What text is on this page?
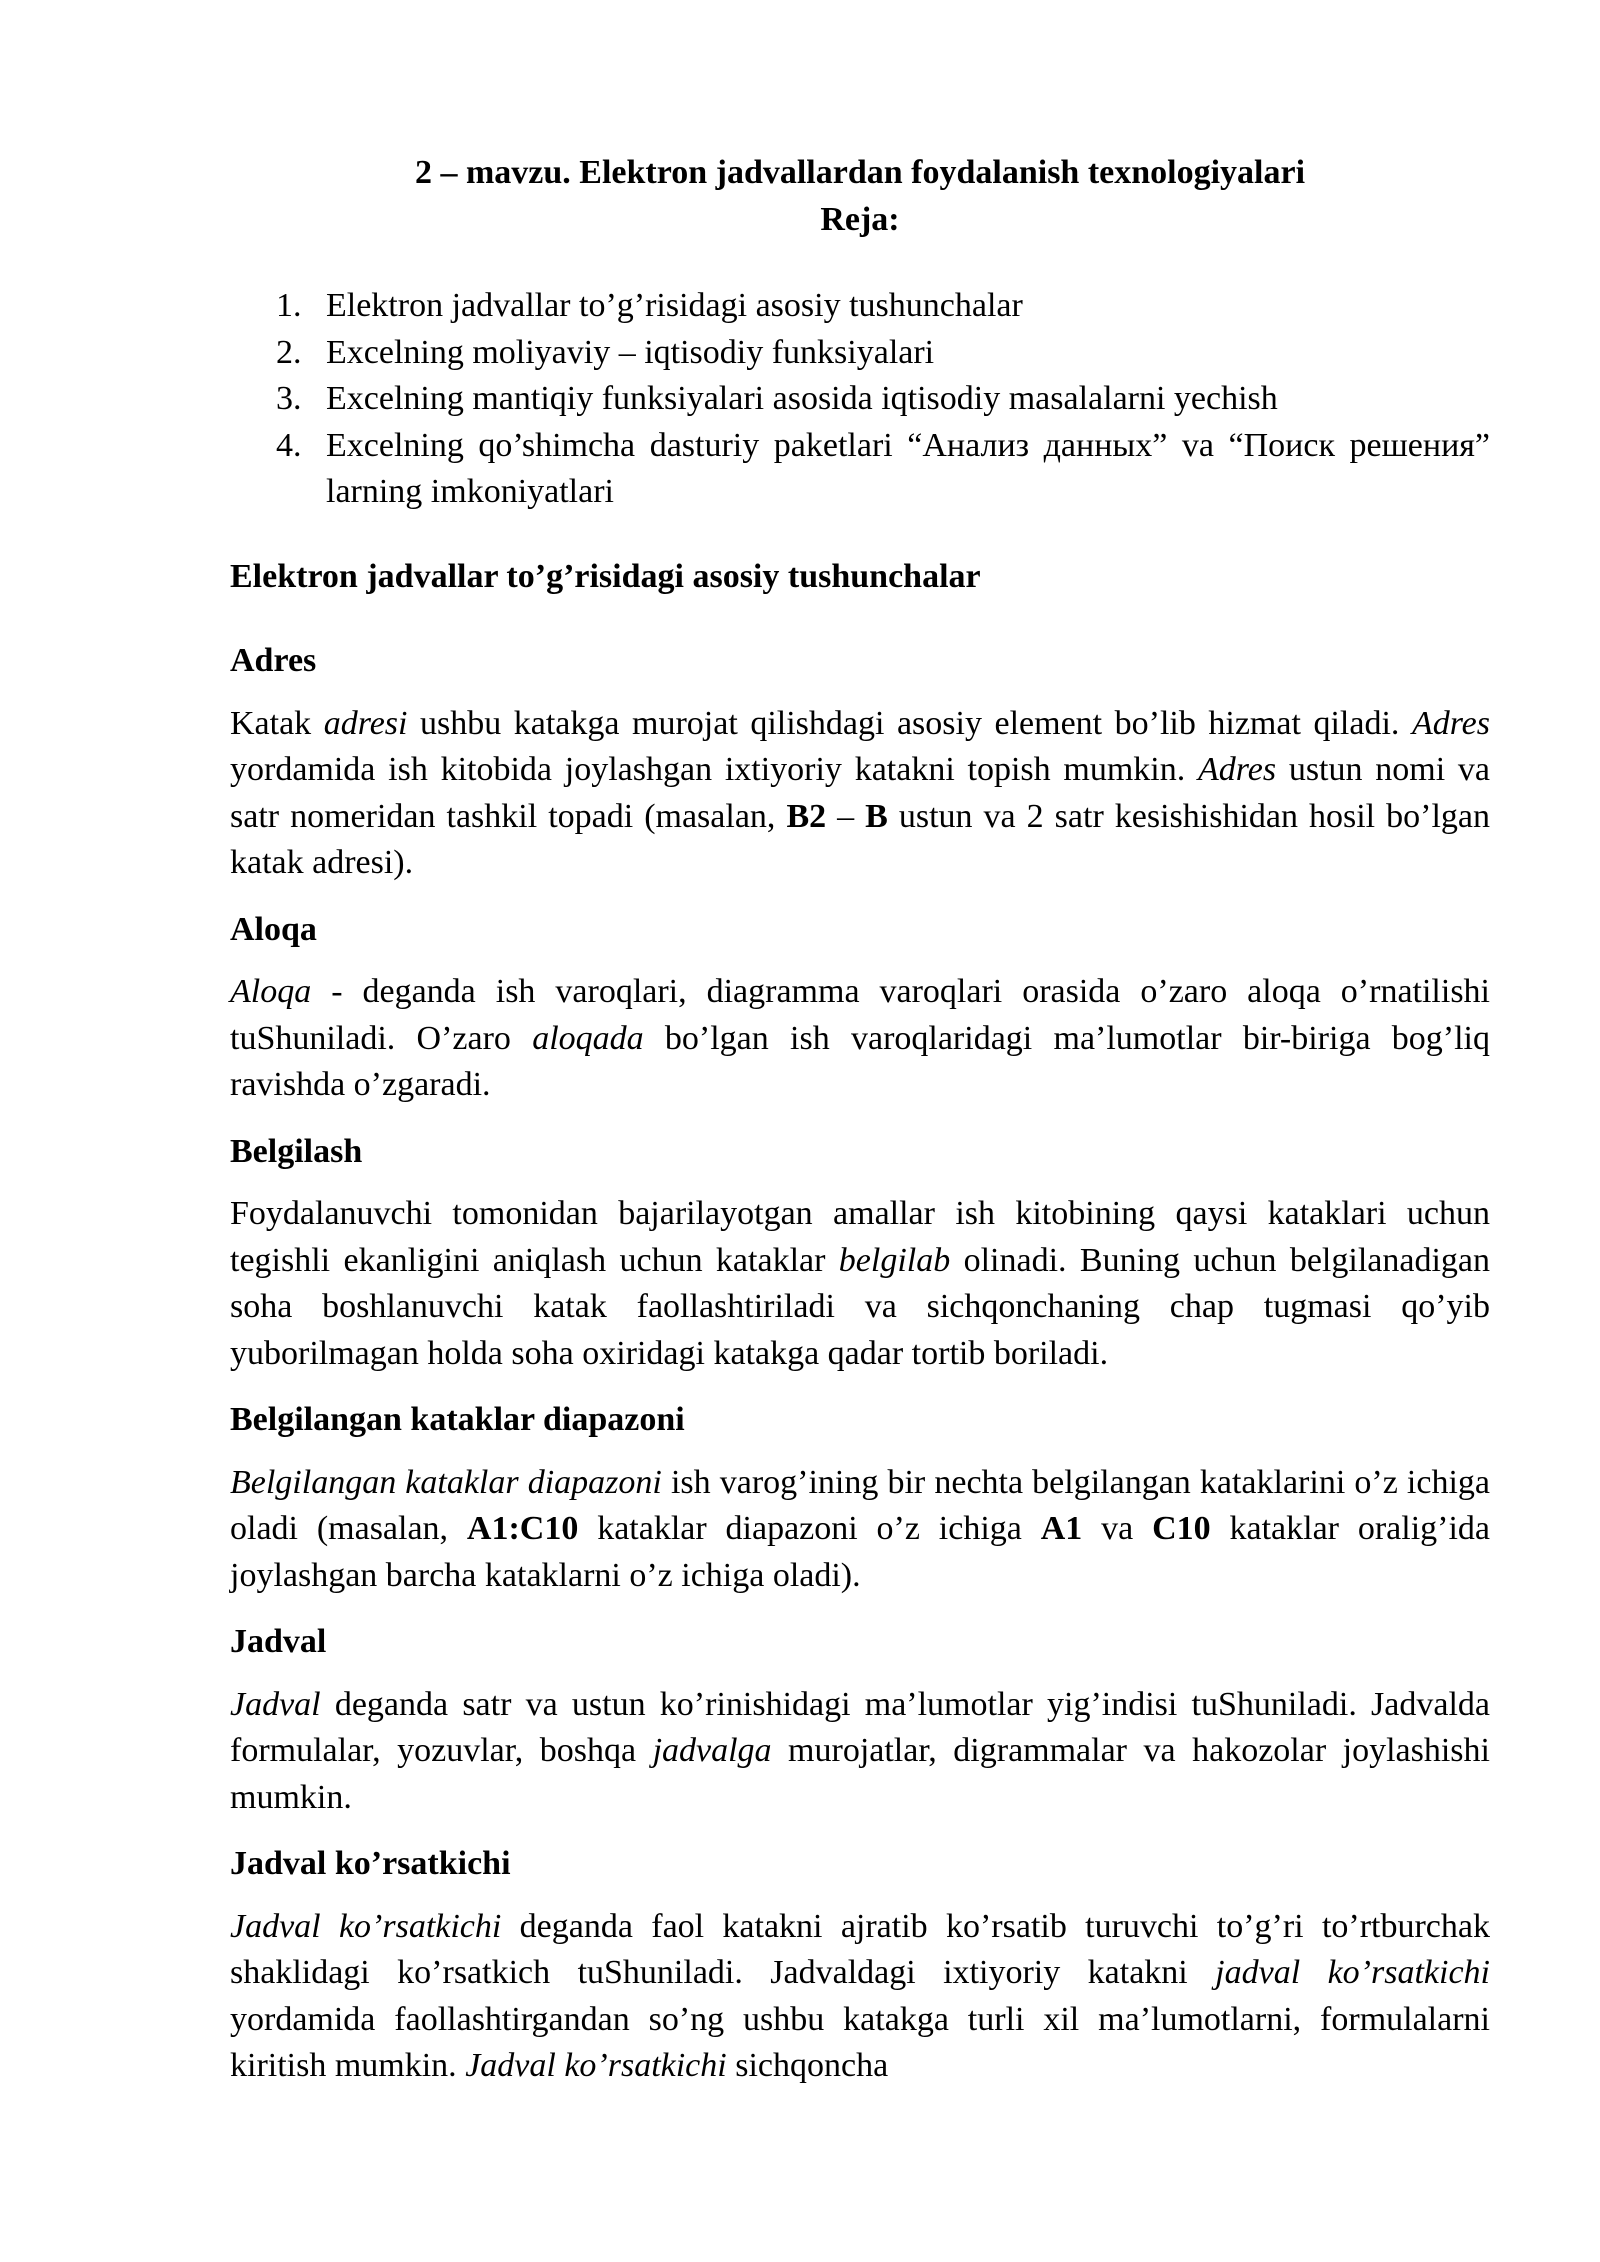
2 – mavzu. Elektron jadvallardan foydalanish texnologiyalari
Reja:

1. Elektron jadvallar to’g’risidagi asosiy tushunchalar
2. Excelning moliyaviy – iqtisodiy funksiyalari
3. Excelning mantiqiy funksiyalari asosida iqtisodiy masalalarni yechish
4. Excelning qo’shimcha dasturiy paketlari “Анализ данных” va “Поиск решения” larning imkoniyatlari

Elektron jadvallar to’g’risidagi asosiy tushunchalar

Adres

Katak adresi ushbu katakga murojat qilishdagi asosiy element bo’lib hizmat qiladi. Adres yordamida ish kitobida joylashgan ixtiyoriy katakni topish mumkin. Adres ustun nomi va satr nomeridan tashkil topadi (masalan, B2 – B ustun va 2 satr kesishishidan hosil bo’lgan katak adresi).

Aloqa

Aloqa - deganda ish varoqlari, diagramma varoqlari orasida o’zaro aloqa o’rnatilishi tuShuniladi. O’zaro aloqada bo’lgan ish varoqlaridagi ma’lumotlar bir-biriga bog’liq ravishda o’zgaradi.

Belgilash

Foydalanuvchi tomonidan bajarilayotgan amallar ish kitobining qaysi kataklari uchun tegishli ekanligini aniqlash uchun kataklar belgilab olinadi. Buning uchun belgilanadigan soha boshlanuvchi katak faollashtiriladi va sichqonchaning chap tugmasi qo’yib yuborilmagan holda soha oxiridagi katakga qadar tortib boriladi.

Belgilangan kataklar diapazoni

Belgilangan kataklar diapazoni ish varog’ining bir nechta belgilangan kataklarini o’z ichiga oladi (masalan, A1:C10 kataklar diapazoni o’z ichiga A1 va C10 kataklar oralig’ida joylashgan barcha kataklarni o’z ichiga oladi).

Jadval

Jadval deganda satr va ustun ko’rinishidagi ma’lumotlar yig’indisi tuShuniladi. Jadvalda formulalar, yozuvlar, boshqa jadvalga murojatlar, digrammalar va hakozolar joylashishi mumkin.

Jadval ko’rsatkichi

Jadval ko’rsatkichi deganda faol katakni ajratib ko’rsatib turuvchi to’g’ri to’rtburchak shaklidagi ko’rsatkich tuShuniladi. Jadvaldagi ixtiyoriy katakni jadval ko’rsatkichi yordamida faollashtirgandan so’ng ushbu katakga turli xil ma’lumotlarni, formulalarni kiritish mumkin. Jadval ko’rsatkichi sichqoncha
